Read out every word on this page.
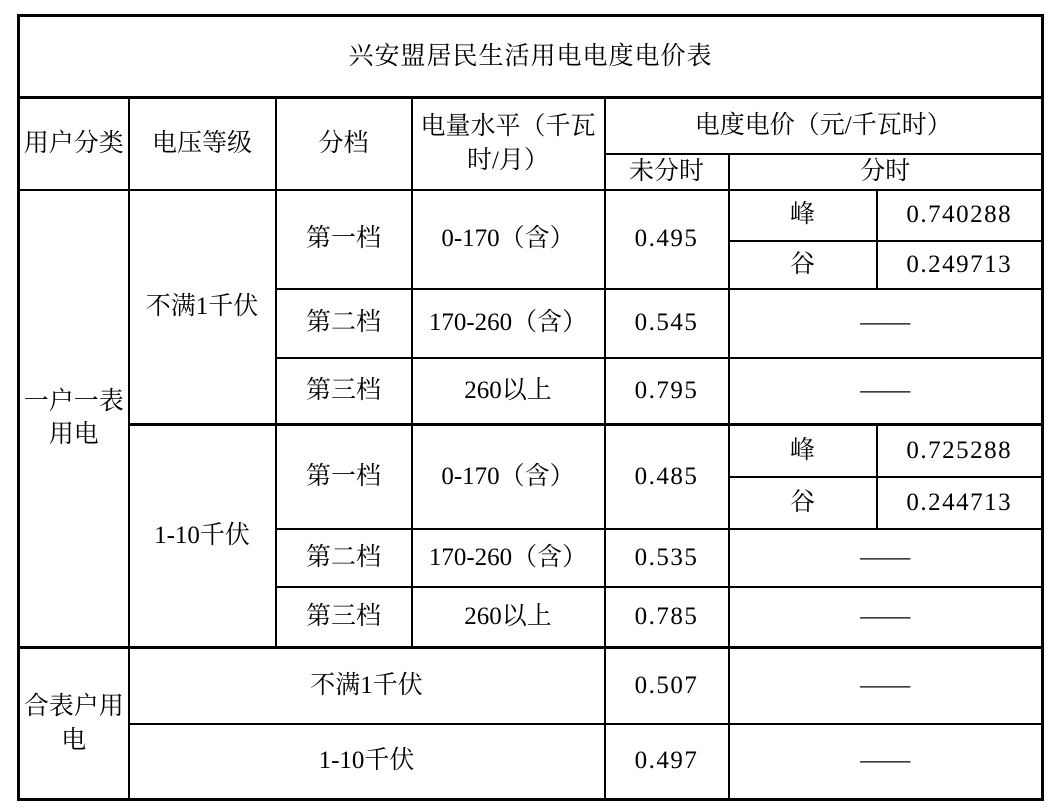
兴安盟居民生活用电电度电价表						
用户分类	电压等级	分档	电量水平（千瓦时/月）	电度电价（元/千瓦时）		
				未分时	分时	
一户一表用电	不满1千伏	第一档	0-170（含）	0.495	峰	0.740288
					谷	0.249713
		第二档	170-260（含）	0.545	——	
		第三档	260以上	0.795	——	
	1-10千伏	第一档	0-170（含）	0.485	峰	0.725288
					谷	0.244713
		第二档	170-260（含）	0.535	——	
		第三档	260以上	0.785	——	
合表户用电	不满1千伏			0.507	——	
	1-10千伏			0.497	——	
